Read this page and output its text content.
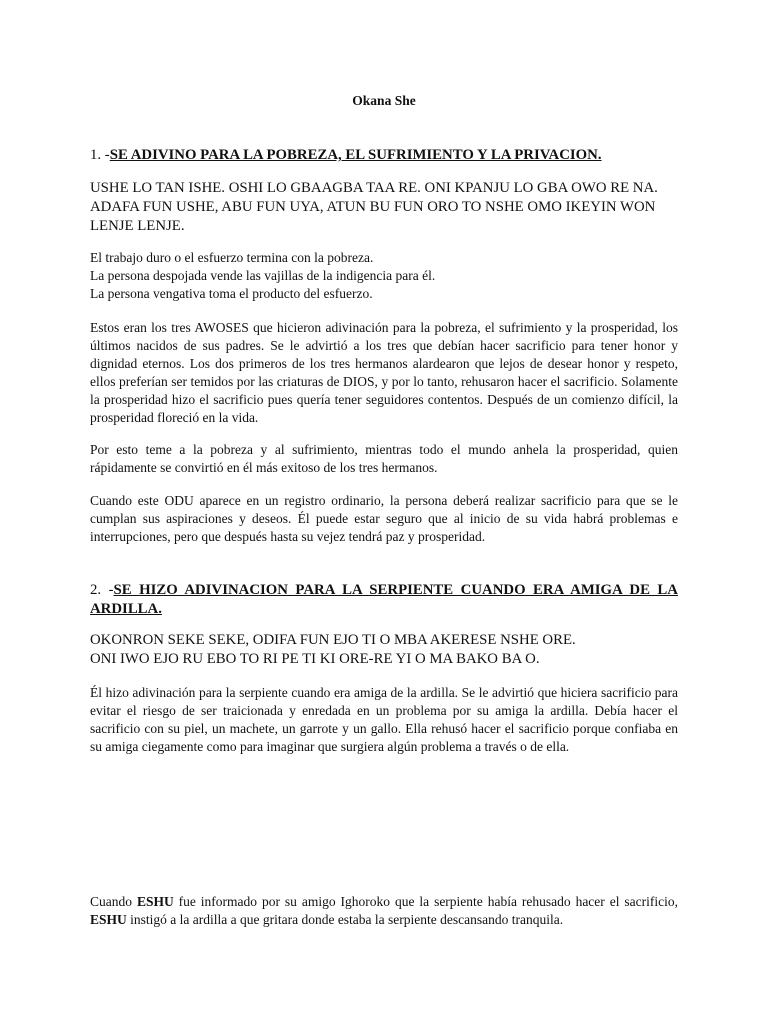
Okana She
1. -SE ADIVINO PARA LA POBREZA, EL SUFRIMIENTO Y LA PRIVACION.
USHE LO TAN ISHE. OSHI LO GBAAGBA TAA RE. ONI KPANJU LO GBA OWO RE NA.
ADAFA FUN USHE, ABU FUN UYA, ATUN BU FUN ORO TO NSHE OMO IKEYIN WON
LENJE LENJE.
El trabajo duro o el esfuerzo termina con la pobreza.
La persona despojada vende las vajillas de la indigencia para él.
La persona vengativa toma el producto del esfuerzo.

Estos eran los tres AWOSES que hicieron adivinación para la pobreza, el sufrimiento y la prosperidad, los últimos nacidos de sus padres. Se le advirtió a los tres que debían hacer sacrificio para tener honor y dignidad eternos. Los dos primeros de los tres hermanos alardearon que lejos de desear honor y respeto, ellos preferían ser temidos por las criaturas de DIOS, y por lo tanto, rehusaron hacer el sacrificio. Solamente la prosperidad hizo el sacrificio pues quería tener seguidores contentos. Después de un comienzo difícil, la prosperidad floreció en la vida.

Por esto teme a la pobreza y al sufrimiento, mientras todo el mundo anhela la prosperidad, quien rápidamente se convirtió en él más exitoso de los tres hermanos.

Cuando este ODU aparece en un registro ordinario, la persona deberá realizar sacrificio para que se le cumplan sus aspiraciones y deseos. Él puede estar seguro que al inicio de su vida habrá problemas e interrupciones, pero que después hasta su vejez tendrá paz y prosperidad.

2. -SE HIZO ADIVINACION PARA LA SERPIENTE CUANDO ERA AMIGA DE LA
ARDILLA.
OKONRON SEKE SEKE, ODIFA FUN EJO TI O MBA AKERESE NSHE ORE.
ONI IWO EJO RU EBO TO RI PE TI KI ORE-RE YI O MA BAKO BA O.

Él hizo adivinación para la serpiente cuando era amiga de la ardilla. Se le advirtió que hiciera sacrificio para evitar el riesgo de ser traicionada y enredada en un problema por su amiga la ardilla. Debía hacer el sacrificio con su piel, un machete, un garrote y un gallo. Ella rehusó hacer el sacrificio porque confiaba en su amiga ciegamente como para imaginar que surgiera algún problema a través o de ella.

Cuando ESHU fue informado por su amigo Ighoroko que la serpiente había rehusado hacer el sacrificio, ESHU instigó a la ardilla a que gritara donde estaba la serpiente descansando tranquila.
